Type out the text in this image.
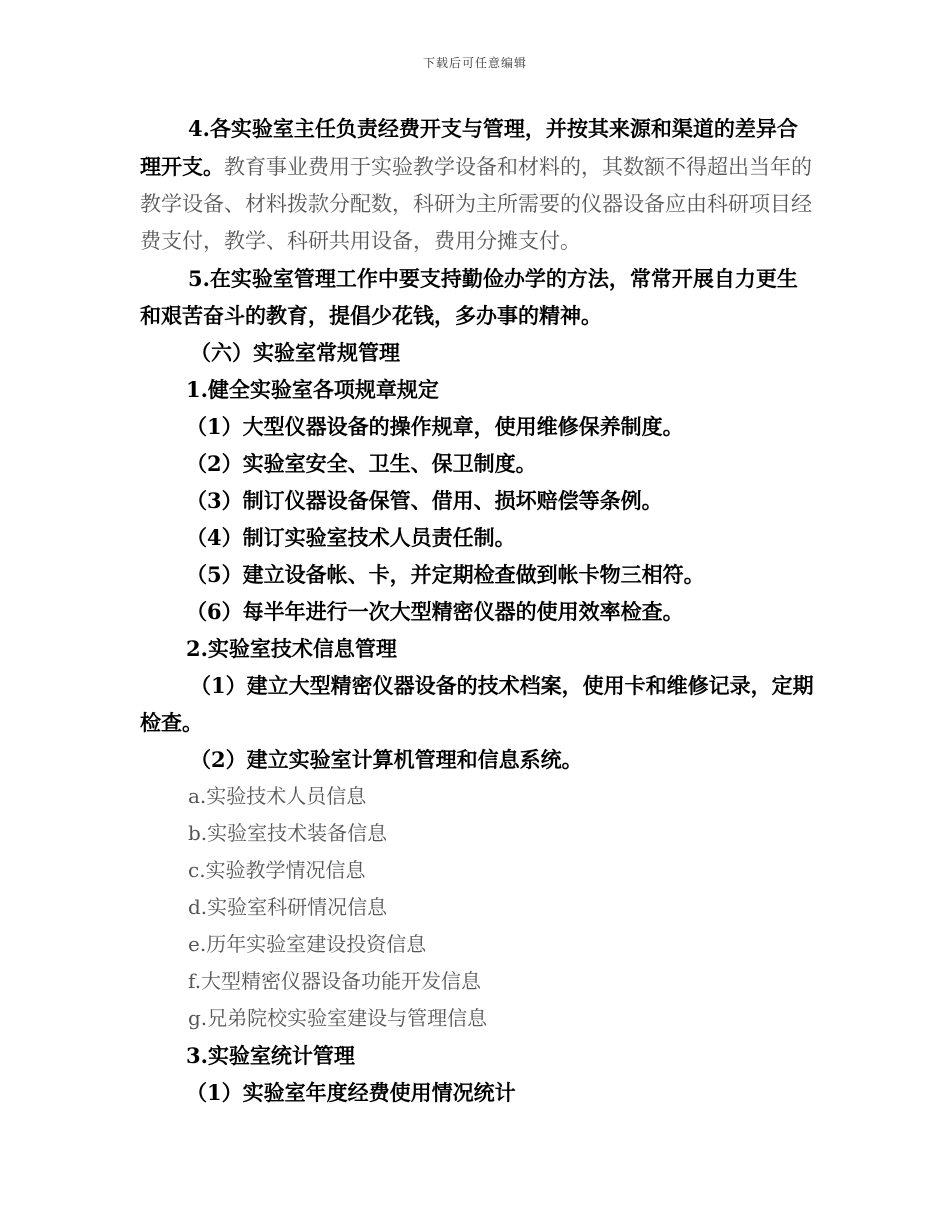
下载后可任意编辑

4.各实验室主任负责经费开支与管理，并按其来源和渠道的差异合理开支。教育事业费用于实验教学设备和材料的，其数额不得超出当年的教学设备、材料拨款分配数，科研为主所需要的仪器设备应由科研项目经费支付，教学、科研共用设备，费用分摊支付。

5.在实验室管理工作中要支持勤俭办学的方法，常常开展自力更生和艰苦奋斗的教育，提倡少花钱，多办事的精神。

（六）实验室常规管理

1.健全实验室各项规章规定

（1）大型仪器设备的操作规章，使用维修保养制度。

（2）实验室安全、卫生、保卫制度。

（3）制订仪器设备保管、借用、损坏赔偿等条例。

（4）制订实验室技术人员责任制。

（5）建立设备帐、卡，并定期检查做到帐卡物三相符。

（6）每半年进行一次大型精密仪器的使用效率检查。

2.实验室技术信息管理

（1）建立大型精密仪器设备的技术档案，使用卡和维修记录，定期检查。

（2）建立实验室计算机管理和信息系统。

a.实验技术人员信息

b.实验室技术装备信息

c.实验教学情况信息

d.实验室科研情况信息

e.历年实验室建设投资信息

f.大型精密仪器设备功能开发信息

g.兄弟院校实验室建设与管理信息

3.实验室统计管理

（1）实验室年度经费使用情况统计
